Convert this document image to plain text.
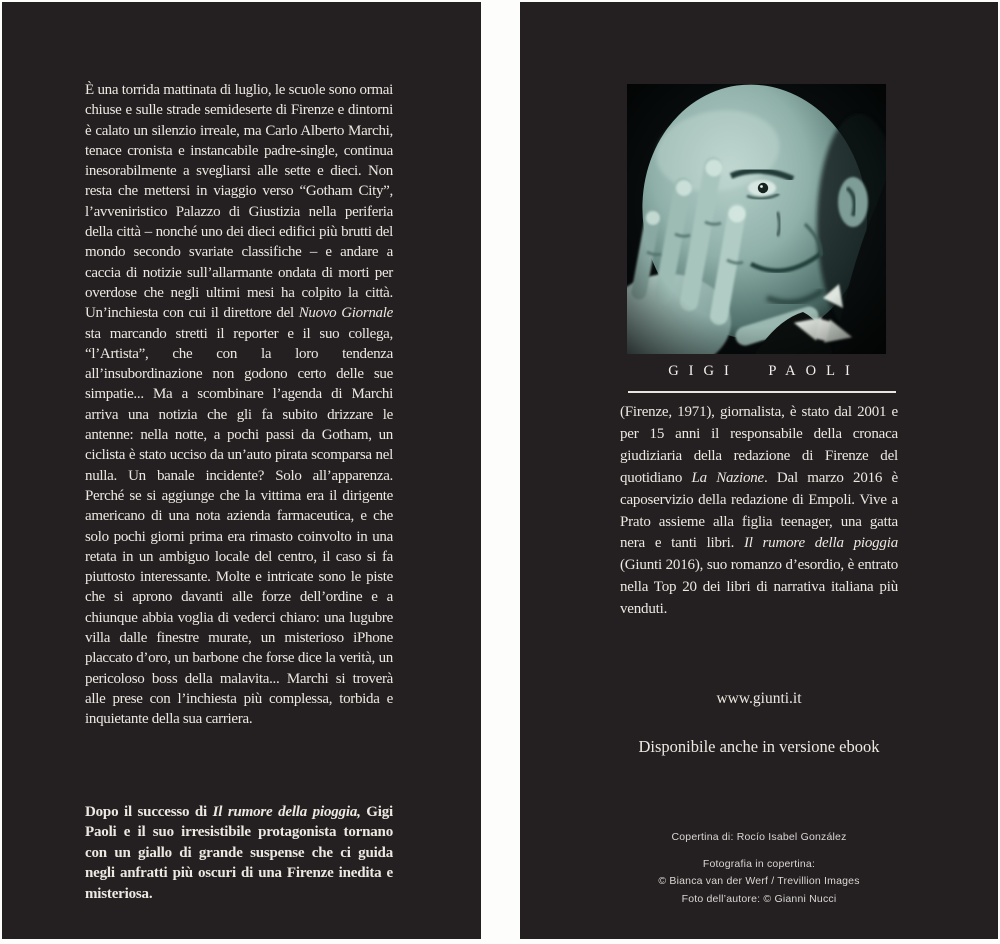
È una torrida mattinata di luglio, le scuole sono ormai chiuse e sulle strade semideserte di Firenze e dintorni è calato un silenzio irreale, ma Carlo Alberto Marchi, tenace cronista e instancabile padre-single, continua inesorabilmente a svegliarsi alle sette e dieci. Non resta che mettersi in viaggio verso “Gotham City”, l’avveniristico Palazzo di Giustizia nella periferia della città – nonché uno dei dieci edifici più brutti del mondo secondo svariate classifiche – e andare a caccia di notizie sull’allarmante ondata di morti per overdose che negli ultimi mesi ha colpito la città. Un’inchiesta con cui il direttore del Nuovo Giornale sta marcando stretti il reporter e il suo collega, “l’Artista”, che con la loro tendenza all’insubordinazione non godono certo delle sue simpatie... Ma a scombinare l’agenda di Marchi arriva una notizia che gli fa subito drizzare le antenne: nella notte, a pochi passi da Gotham, un ciclista è stato ucciso da un’auto pirata scomparsa nel nulla. Un banale incidente? Solo all’apparenza. Perché se si aggiunge che la vittima era il dirigente americano di una nota azienda farmaceutica, e che solo pochi giorni prima era rimasto coinvolto in una retata in un ambiguo locale del centro, il caso si fa piuttosto interessante. Molte e intricate sono le piste che si aprono davanti alle forze dell’ordine e a chiunque abbia voglia di vederci chiaro: una lugubre villa dalle finestre murate, un misterioso iPhone placcato d’oro, un barbone che forse dice la verità, un pericoloso boss della malavita... Marchi si troverà alle prese con l’inchiesta più complessa, torbida e inquietante della sua carriera.

Dopo il successo di Il rumore della pioggia, Gigi Paoli e il suo irresistibile protagonista tornano con un giallo di grande suspense che ci guida negli anfratti più oscuri di una Firenze inedita e misteriosa.

GIGI PAOLI

(Firenze, 1971), giornalista, è stato dal 2001 e per 15 anni il responsabile della cronaca giudiziaria della redazione di Firenze del quotidiano La Nazione. Dal marzo 2016 è caposervizio della redazione di Empoli. Vive a Prato assieme alla figlia teenager, una gatta nera e tanti libri. Il rumore della pioggia (Giunti 2016), suo romanzo d’esordio, è entrato nella Top 20 dei libri di narrativa italiana più venduti.

www.giunti.it

Disponibile anche in versione ebook

Copertina di: Rocío Isabel González
Fotografia in copertina:
© Bianca van der Werf / Trevillion Images
Foto dell’autore: © Gianni Nucci
